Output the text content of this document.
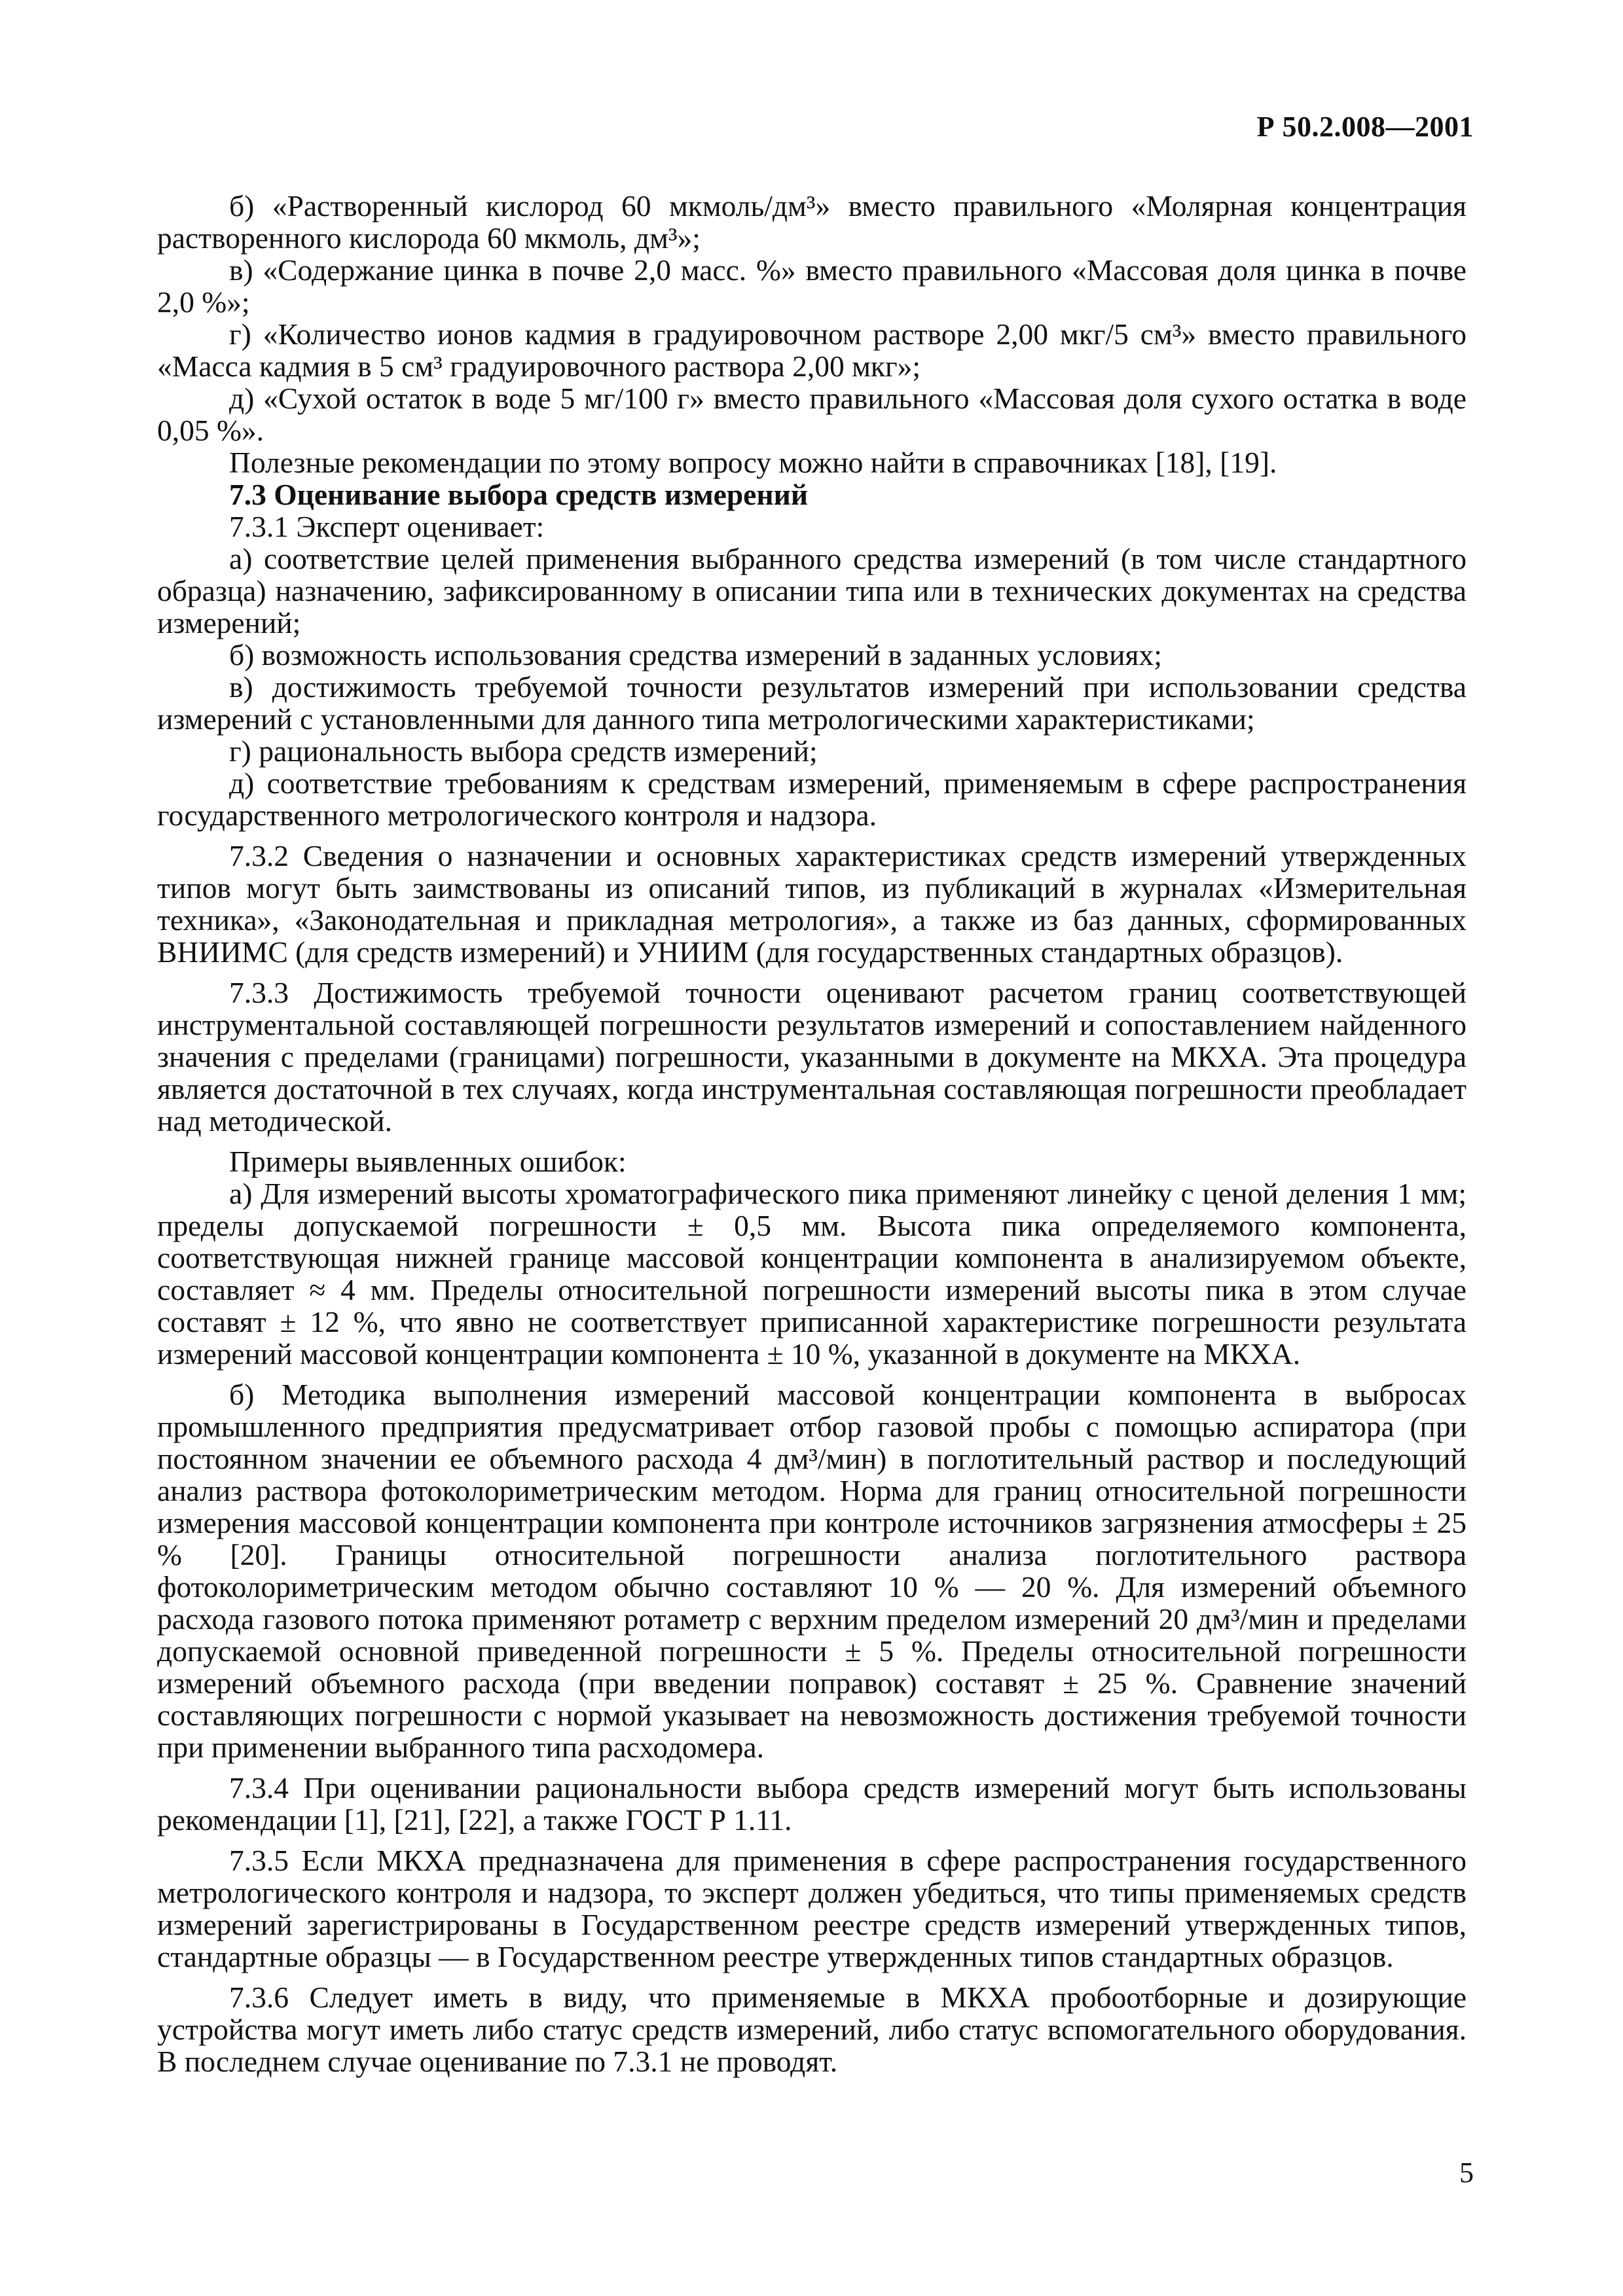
Р 50.2.008—2001

б) «Растворенный кислород 60 мкмоль/дм³» вместо правильного «Молярная концентрация растворенного кислорода 60 мкмоль, дм³»;

в) «Содержание цинка в почве 2,0 масс. %» вместо правильного «Массовая доля цинка в почве 2,0 %»;

г) «Количество ионов кадмия в градуировочном растворе 2,00 мкг/5 см³» вместо правильного «Масса кадмия в 5 см³ градуировочного раствора 2,00 мкг»;

д) «Сухой остаток в воде 5 мг/100 г» вместо правильного «Массовая доля сухого остатка в воде 0,05 %».

Полезные рекомендации по этому вопросу можно найти в справочниках [18], [19].

7.3 Оценивание выбора средств измерений

7.3.1 Эксперт оценивает:

а) соответствие целей применения выбранного средства измерений (в том числе стандартного образца) назначению, зафиксированному в описании типа или в технических документах на средства измерений;

б) возможность использования средства измерений в заданных условиях;

в) достижимость требуемой точности результатов измерений при использовании средства измерений с установленными для данного типа метрологическими характеристиками;

г) рациональность выбора средств измерений;

д) соответствие требованиям к средствам измерений, применяемым в сфере распространения государственного метрологического контроля и надзора.

7.3.2 Сведения о назначении и основных характеристиках средств измерений утвержденных типов могут быть заимствованы из описаний типов, из публикаций в журналах «Измерительная техника», «Законодательная и прикладная метрология», а также из баз данных, сформированных ВНИИМС (для средств измерений) и УНИИМ (для государственных стандартных образцов).

7.3.3 Достижимость требуемой точности оценивают расчетом границ соответствующей инструментальной составляющей погрешности результатов измерений и сопоставлением найденного значения с пределами (границами) погрешности, указанными в документе на МКХА. Эта процедура является достаточной в тех случаях, когда инструментальная составляющая погрешности преобладает над методической.

Примеры выявленных ошибок:

а) Для измерений высоты хроматографического пика применяют линейку с ценой деления 1 мм; пределы допускаемой погрешности ± 0,5 мм. Высота пика определяемого компонента, соответствующая нижней границе массовой концентрации компонента в анализируемом объекте, составляет ≈ 4 мм. Пределы относительной погрешности измерений высоты пика в этом случае составят ± 12 %, что явно не соответствует приписанной характеристике погрешности результата измерений массовой концентрации компонента ± 10 %, указанной в документе на МКХА.

б) Методика выполнения измерений массовой концентрации компонента в выбросах промышленного предприятия предусматривает отбор газовой пробы с помощью аспиратора (при постоянном значении ее объемного расхода 4 дм³/мин) в поглотительный раствор и последующий анализ раствора фотоколориметрическим методом. Норма для границ относительной погрешности измерения массовой концентрации компонента при контроле источников загрязнения атмосферы ± 25 % [20]. Границы относительной погрешности анализа поглотительного раствора фотоколориметрическим методом обычно составляют 10 % — 20 %. Для измерений объемного расхода газового потока применяют ротаметр с верхним пределом измерений 20 дм³/мин и пределами допускаемой основной приведенной погрешности ± 5 %. Пределы относительной погрешности измерений объемного расхода (при введении поправок) составят ± 25 %. Сравнение значений составляющих погрешности с нормой указывает на невозможность достижения требуемой точности при применении выбранного типа расходомера.

7.3.4 При оценивании рациональности выбора средств измерений могут быть использованы рекомендации [1], [21], [22], а также ГОСТ Р 1.11.

7.3.5 Если МКХА предназначена для применения в сфере распространения государственного метрологического контроля и надзора, то эксперт должен убедиться, что типы применяемых средств измерений зарегистрированы в Государственном реестре средств измерений утвержденных типов, стандартные образцы — в Государственном реестре утвержденных типов стандартных образцов.

7.3.6 Следует иметь в виду, что применяемые в МКХА пробоотборные и дозирующие устройства могут иметь либо статус средств измерений, либо статус вспомогательного оборудования. В последнем случае оценивание по 7.3.1 не проводят.

5
